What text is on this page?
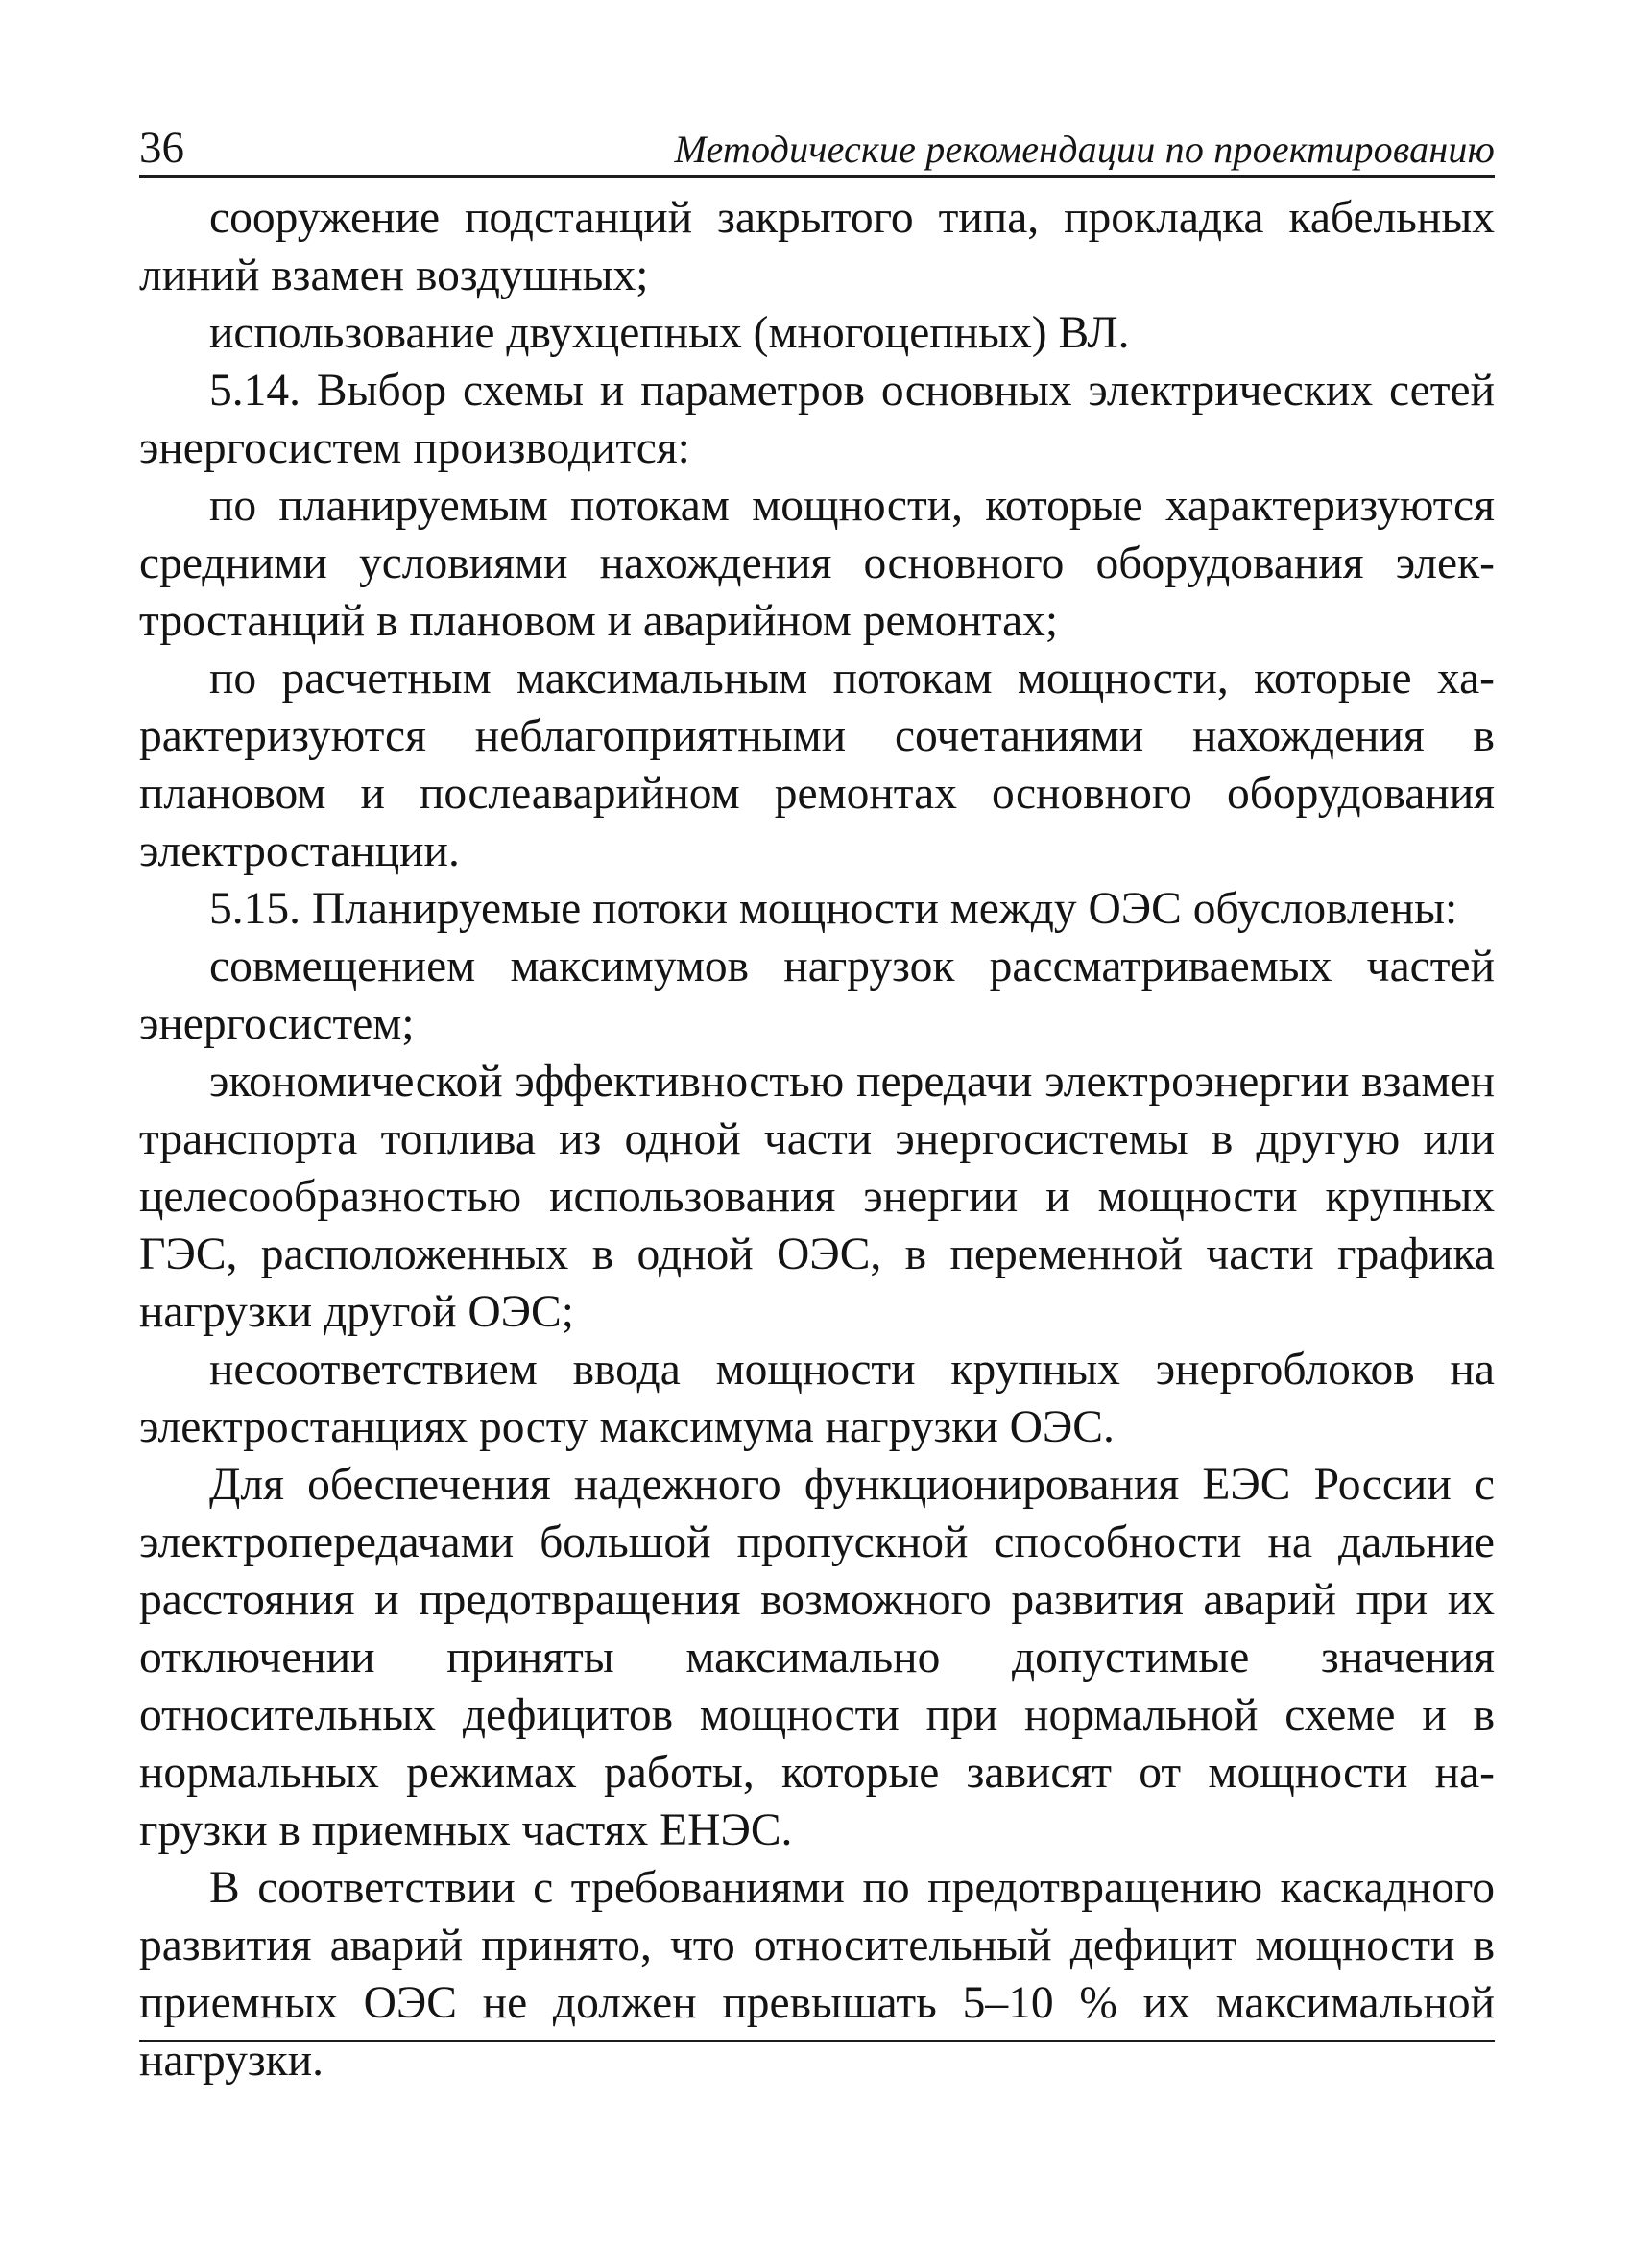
36	Методические рекомендации по проектированию

сооружение подстанций закрытого типа, прокладка кабельных линий взамен воздушных;

использование двухцепных (многоцепных) ВЛ.

5.14. Выбор схемы и параметров основных электрических сетей энергосистем производится:

по планируемым потокам мощности, которые характеризуются средними условиями нахождения основного оборудования электростанций в плановом и аварийном ремонтах;

по расчетным максимальным потокам мощности, которые характеризуются неблагоприятными сочетаниями нахождения в плановом и послеаварийном ремонтах основного оборудования электростанции.

5.15. Планируемые потоки мощности между ОЭС обусловлены:

совмещением максимумов нагрузок рассматриваемых частей энергосистем;

экономической эффективностью передачи электроэнергии взамен транспорта топлива из одной части энергосистемы в другую или целесообразностью использования энергии и мощности крупных ГЭС, расположенных в одной ОЭС, в переменной части графика нагрузки другой ОЭС;

несоответствием ввода мощности крупных энергоблоков на электростанциях росту максимума нагрузки ОЭС.

Для обеспечения надежного функционирования ЕЭС России с электропередачами большой пропускной способности на дальние расстояния и предотвращения возможного развития аварий при их отключении приняты максимально допустимые значения относительных дефицитов мощности при нормальной схеме и в нормальных режимах работы, которые зависят от мощности нагрузки в приемных частях ЕНЭС.

В соответствии с требованиями по предотвращению каскадного развития аварий принято, что относительный дефицит мощности в приемных ОЭС не должен превышать 5–10 % их максимальной нагрузки.
